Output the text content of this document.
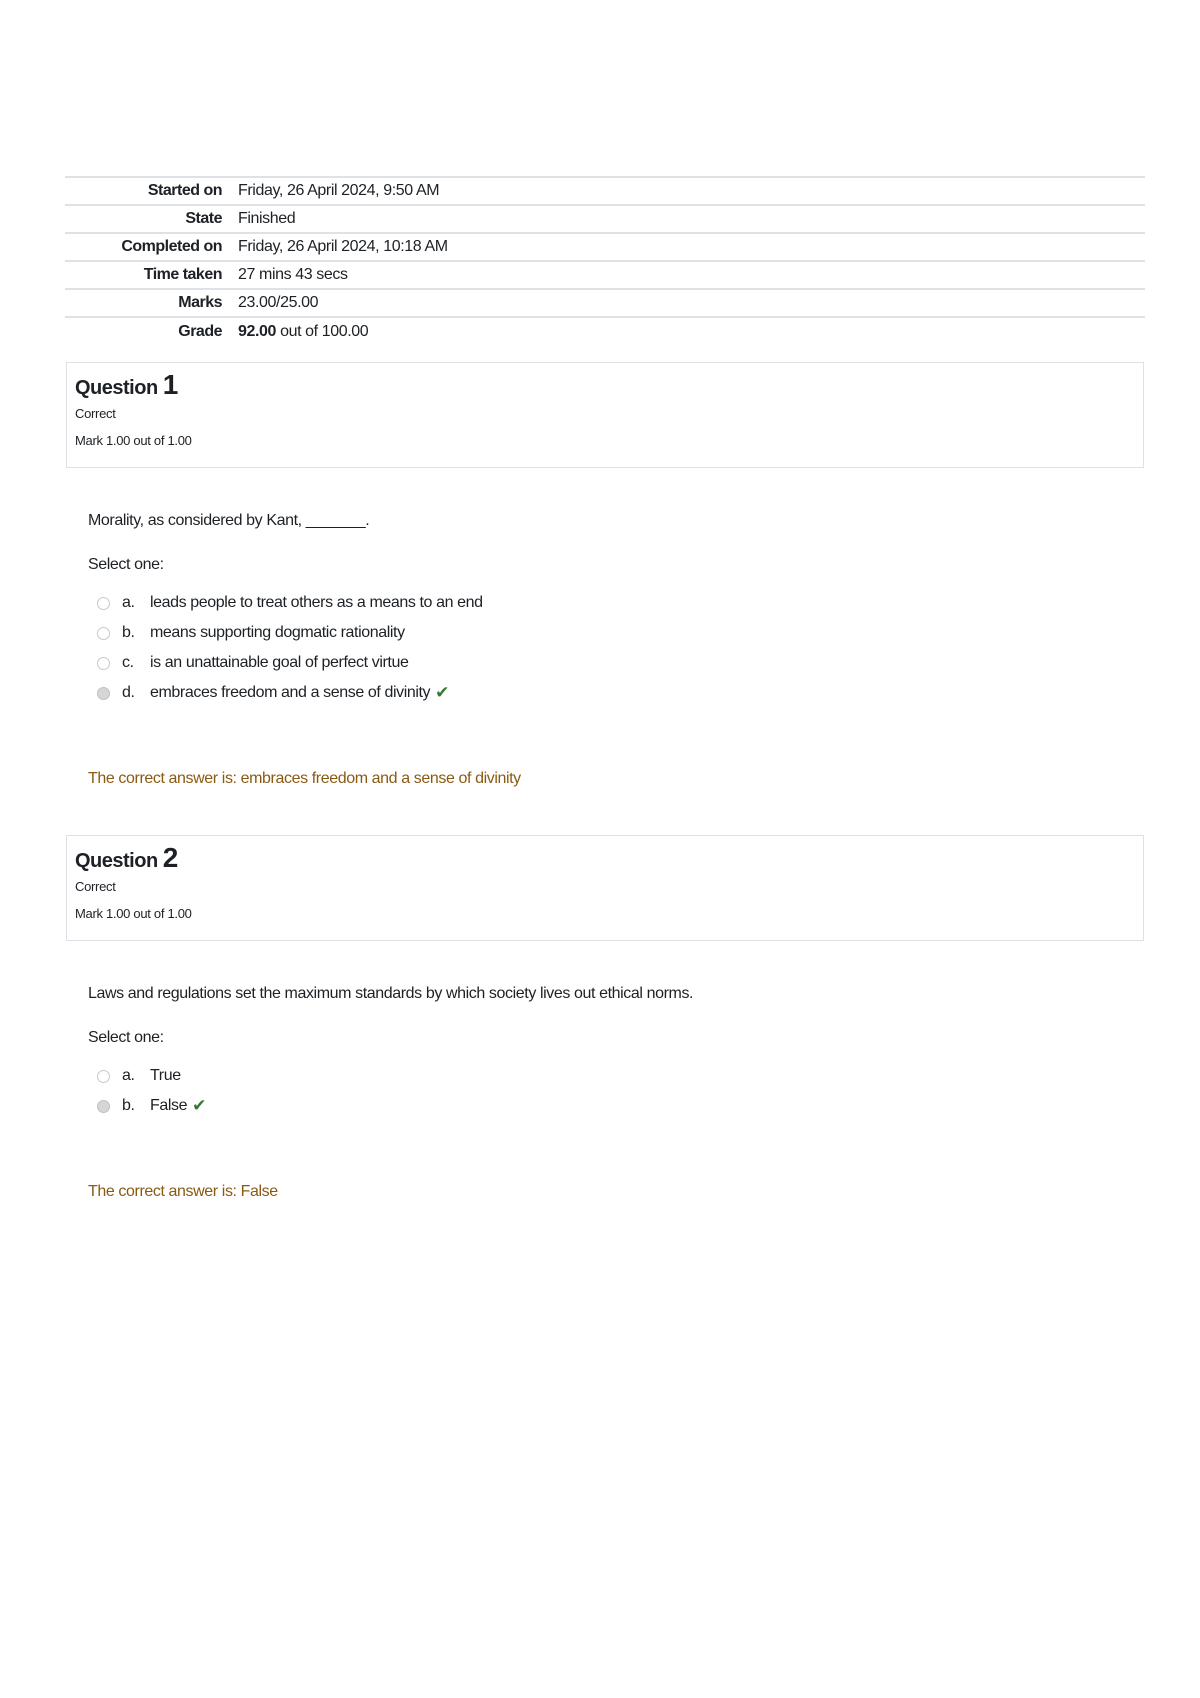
Started on	Friday, 26 April 2024, 9:50 AM
State	Finished
Completed on	Friday, 26 April 2024, 10:18 AM
Time taken	27 mins 43 secs
Marks	23.00/25.00
Grade	92.00 out of 100.00
Question 1
Correct
Mark 1.00 out of 1.00
Morality, as considered by Kant, _______.
Select one:
a. leads people to treat others as a means to an end
b. means supporting dogmatic rationality
c.	is an unattainable goal of perfect virtue
d. embraces freedom and a sense of divinity ✔
The correct answer is: embraces freedom and a sense of divinity
Question 2
Correct
Mark 1.00 out of 1.00
Laws and regulations set the maximum standards by which society lives out ethical norms.
Select one:
a. True
b. False ✔
The correct answer is: False
